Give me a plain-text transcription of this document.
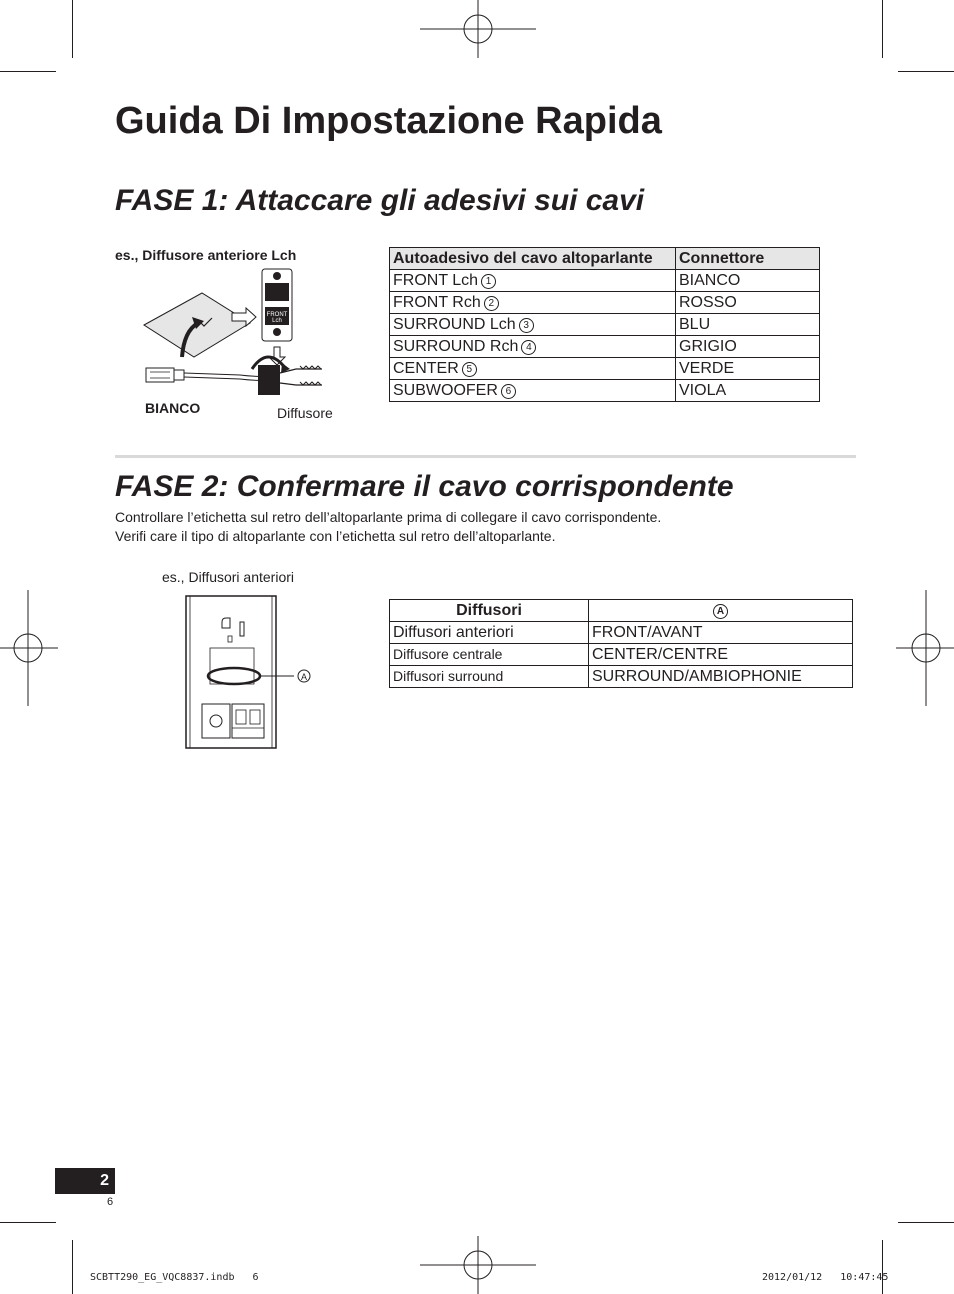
Guida Di Impostazione Rapida
FASE 1: Attaccare gli adesivi sui cavi
es., Diffusore anteriore Lch
FRONT
Lch
BIANCO	Diffusore
Autoadesivo del cavo altoparlante	Connettore
FRONT Lch 1	BIANCO
FRONT Rch 2	ROSSO
SURROUND Lch 3	BLU
SURROUND Rch 4	GRIGIO
CENTER 5	VERDE
SUBWOOFER 6	VIOLA
FASE 2: Confermare il cavo corrispondente
Controllare l’etichetta sul retro dell’altoparlante prima di collegare il cavo corrispondente.
Verifi care il tipo di altoparlante con l’etichetta sul retro dell’altoparlante.
es., Diffusori anteriori
A
Diffusori	A
Diffusori anteriori	FRONT/AVANT
Diffusore centrale	CENTER/CENTRE
Diffusori surround	SURROUND/AMBIOPHONIE
2
6
SCBTT290_EG_VQC8837.indb   6	2012/01/12   10:47:45
